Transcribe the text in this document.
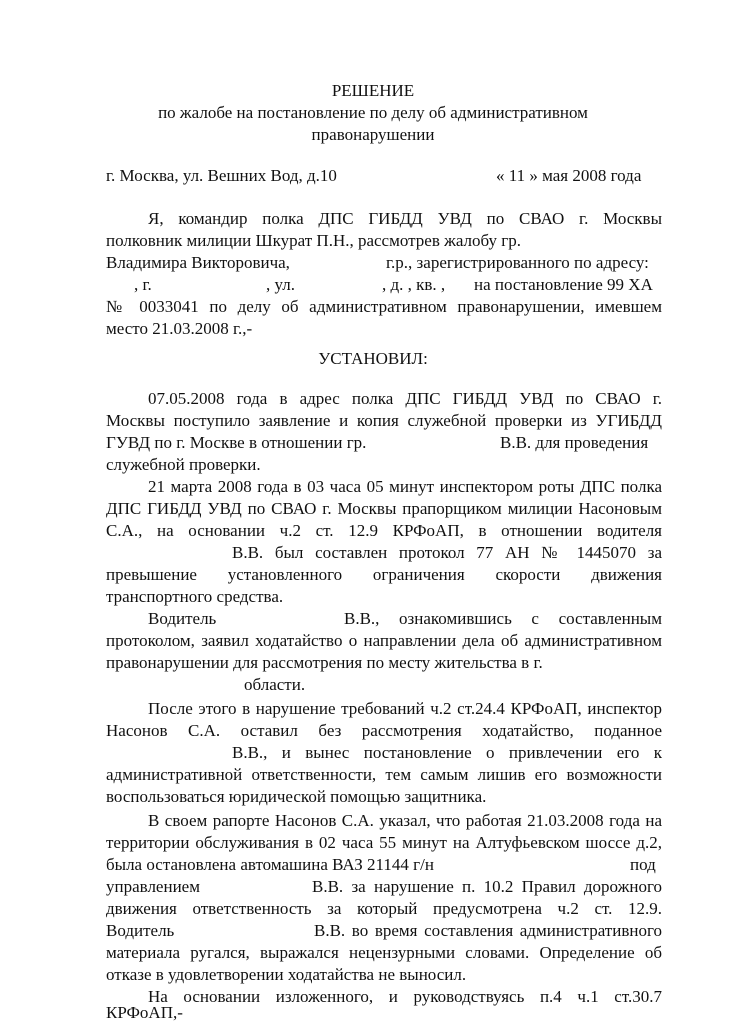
РЕШЕНИЕ
по жалобе на постановление по делу об административном
правонарушении
г. Москва, ул. Вешних Вод, д.10	« 11 » мая 2008 года
Я, командир полка ДПС ГИБДД УВД по СВАО г. Москвы
полковник милиции Шкурат П.Н., рассмотрев жалобу гр.
Владимира Викторовича,	г.р., зарегистрированного по адресу:
, г.	, ул.	, д. , кв. , на постановление 99 ХА
№ 0033041 по делу об административном правонарушении, имевшем
место 21.03.2008 г.,-
УСТАНОВИЛ:
07.05.2008 года в адрес полка ДПС ГИБДД УВД по СВАО г.
Москвы поступило заявление и копия служебной проверки из УГИБДД
ГУВД по г. Москве в отношении гр.	В.В. для проведения
служебной проверки.
21 марта 2008 года в 03 часа 05 минут инспектором роты ДПС полка
ДПС ГИБДД УВД по СВАО г. Москвы прапорщиком милиции Насоновым
С.А., на основании ч.2 ст. 12.9 КРФоАП, в отношении водителя
В.В. был составлен протокол 77 АН № 1445070 за
превышение установленного ограничения скорости движения
транспортного средства.
Водитель	В.В., ознакомившись с составленным
протоколом, заявил ходатайство о направлении дела об административном
правонарушении для рассмотрения по месту жительства в г.
области.
После этого в нарушение требований ч.2 ст.24.4 КРФоАП, инспектор
Насонов С.А. оставил без рассмотрения ходатайство, поданное
В.В., и вынес постановление о привлечении его к
административной ответственности, тем самым лишив его возможности
воспользоваться юридической помощью защитника.
В своем рапорте Насонов С.А. указал, что работая 21.03.2008 года на
территории обслуживания в 02 часа 55 минут на Алтуфьевском шоссе д.2,
была остановлена автомашина ВАЗ 21144 г/н	под
управлением	В.В. за нарушение п. 10.2 Правил дорожного
движения ответственность за который предусмотрена ч.2 ст. 12.9.
Водитель	В.В. во время составления административного
материала ругался, выражался нецензурными словами. Определение об
отказе в удовлетворении ходатайства не выносил.
На основании изложенного, и руководствуясь п.4 ч.1 ст.30.7
КРФоАП,-
